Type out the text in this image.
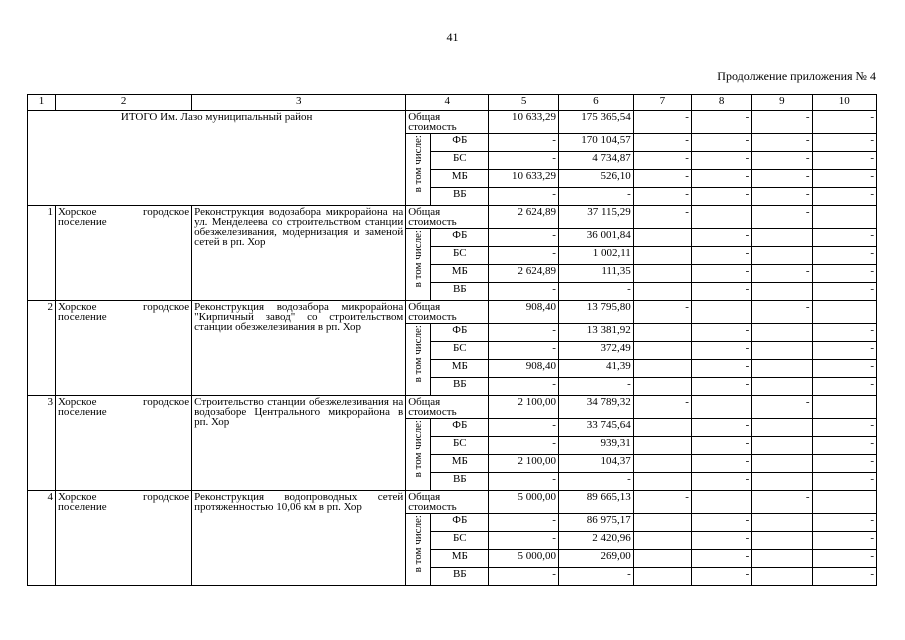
41
Продолжение приложения № 4
1	2	3	4		5	6	7	8	9	10
ИТОГО Им. Лазо муниципальный район			Общая стоимость		10 633,29	175 365,54	-	-	-	-

			в том числе:	ФБ	-	170 104,57	-	-	-	-
				БС	-	4 734,87	-	-	-	-
				МБ	10 633,29	526,10	-	-	-	-
				ВБ	-	-	-	-	-	-
1	Хорское городское поселение	Реконструкция водозабора микрорайона на ул. Менделеева со строительством станции обезжелезивания, модернизация и заменой сетей в рп. Хор	Общая стоимость		2 624,89	37 115,29	-		-	

			в том числе:	ФБ	-	36 001,84		-		-
				БС	-	1 002,11		-		-
				МБ	2 624,89	111,35		-	-	-
				ВБ	-	-		-		-
2	Хорское городское поселение	Реконструкция водозабора микрорайона "Кирпичный завод" со строительством станции обезжелезивания в рп. Хор	Общая стоимость		908,40	13 795,80	-		-	

			в том числе:	ФБ	-	13 381,92		-		-
				БС	-	372,49		-		-
				МБ	908,40	41,39		-		-
				ВБ	-	-		-		-
3	Хорское городское поселение	Строительство станции обезжелезивания на водозаборе Центрального микрорайона в рп. Хор	Общая стоимость		2 100,00	34 789,32	-		-	

			в том числе:	ФБ	-	33 745,64		-		-
				БС	-	939,31		-		-
				МБ	2 100,00	104,37		-		-
				ВБ	-	-		-		-
4	Хорское городское поселение	Реконструкция водопроводных сетей протяженностью 10,06 км в рп. Хор	Общая стоимость		5 000,00	89 665,13	-		-	

			в том числе:	ФБ	-	86 975,17		-		-
				БС	-	2 420,96		-		-
				МБ	5 000,00	269,00		-		-
				ВБ	-	-		-		-
